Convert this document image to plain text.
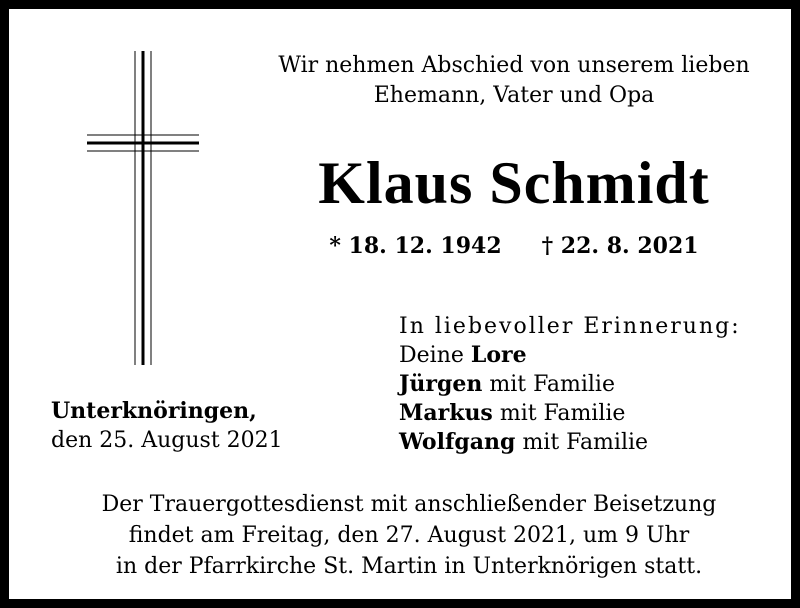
Wir nehmen Abschied von unserem lieben
Ehemann, Vater und Opa
Klaus Schmidt
* 18. 12. 1942 † 22. 8. 2021
In liebevoller Erinnerung:
Deine Lore
Jürgen mit Familie
Markus mit Familie
Wolfgang mit Familie
Unterknöringen,
den 25. August 2021
Der Trauergottesdienst mit anschließender Beisetzung
findet am Freitag, den 27. August 2021, um 9 Uhr
in der Pfarrkirche St. Martin in Unterknörigen statt.
